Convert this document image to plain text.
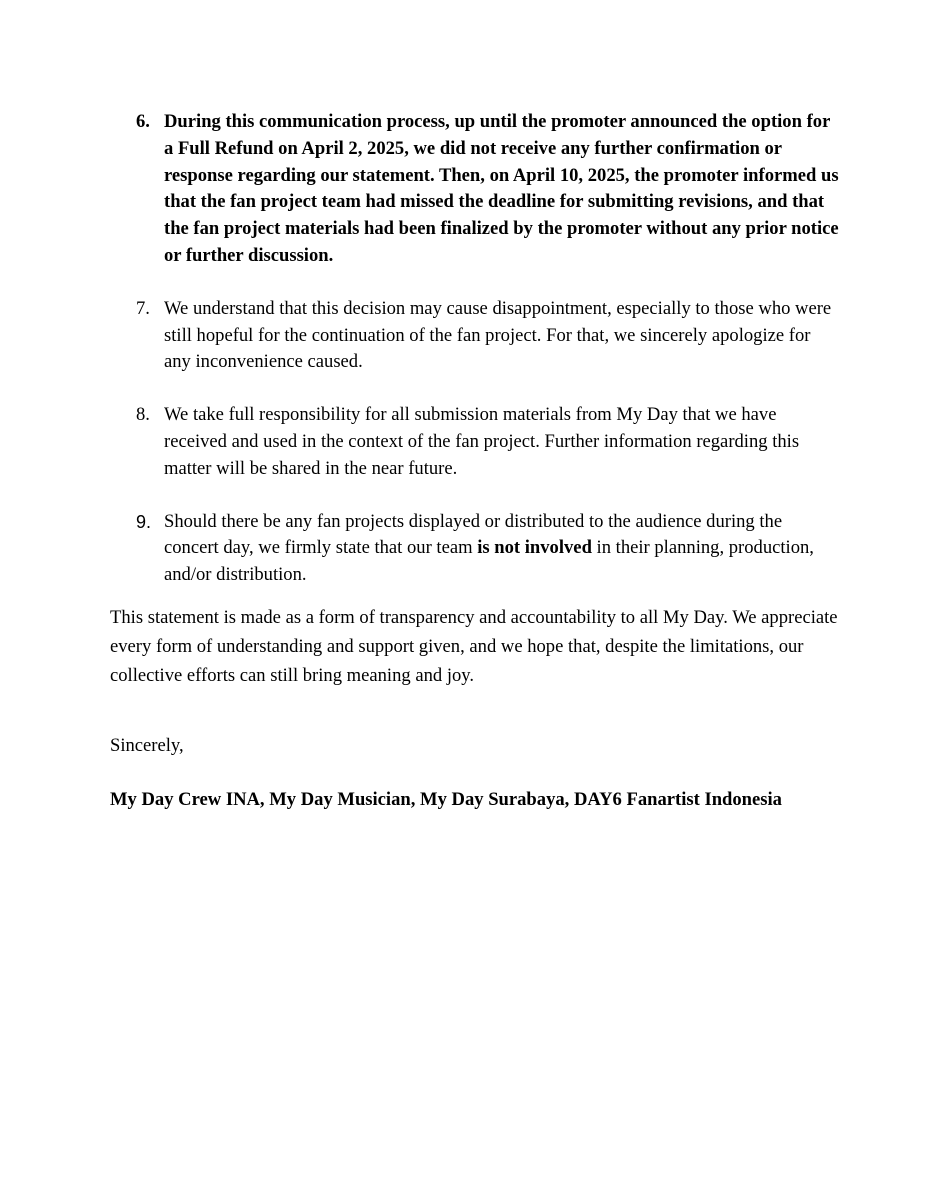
6. During this communication process, up until the promoter announced the option for a Full Refund on April 2, 2025, we did not receive any further confirmation or response regarding our statement. Then, on April 10, 2025, the promoter informed us that the fan project team had missed the deadline for submitting revisions, and that the fan project materials had been finalized by the promoter without any prior notice or further discussion.
7. We understand that this decision may cause disappointment, especially to those who were still hopeful for the continuation of the fan project. For that, we sincerely apologize for any inconvenience caused.
8. We take full responsibility for all submission materials from My Day that we have received and used in the context of the fan project. Further information regarding this matter will be shared in the near future.
9. Should there be any fan projects displayed or distributed to the audience during the concert day, we firmly state that our team is not involved in their planning, production, and/or distribution.

This statement is made as a form of transparency and accountability to all My Day. We appreciate every form of understanding and support given, and we hope that, despite the limitations, our collective efforts can still bring meaning and joy.

Sincerely,

My Day Crew INA, My Day Musician, My Day Surabaya, DAY6 Fanartist Indonesia
